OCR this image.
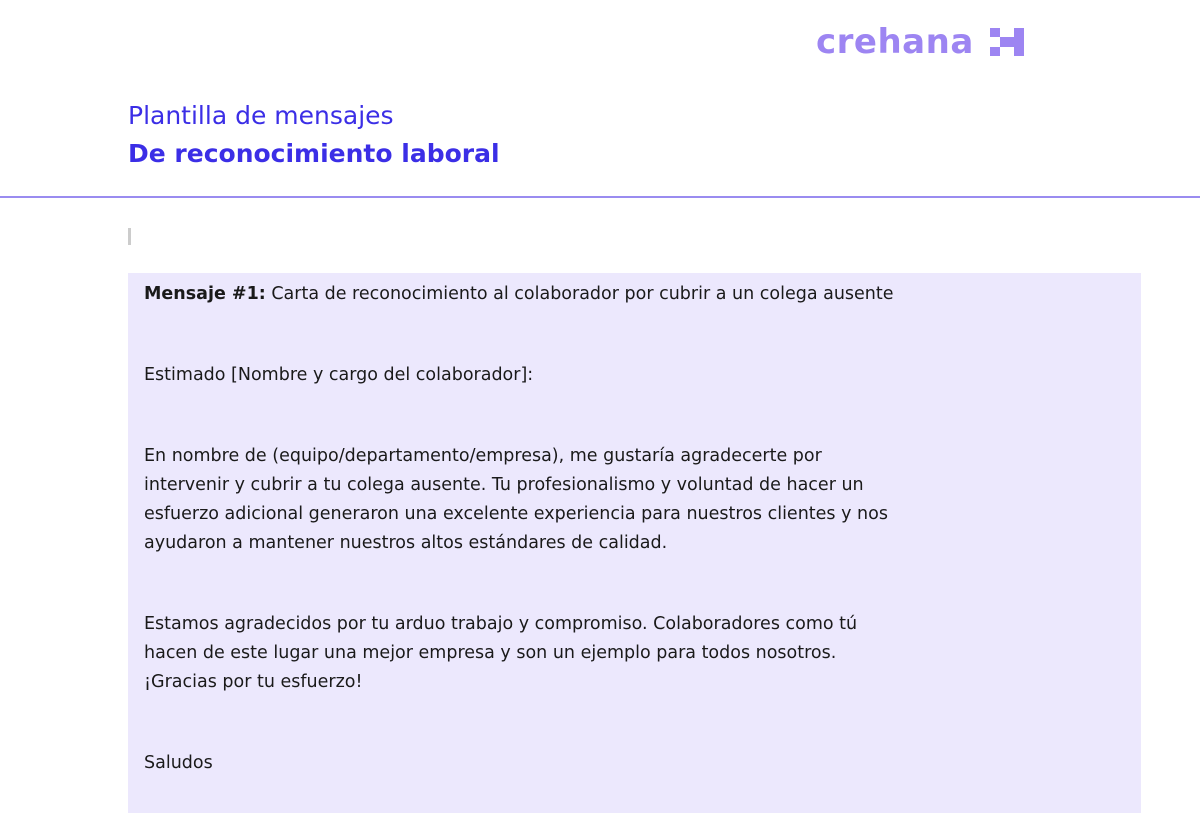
crehana
Plantilla de mensajes
De reconocimiento laboral

Mensaje #1: Carta de reconocimiento al colaborador por cubrir a un colega ausente

Estimado [Nombre y cargo del colaborador]:

En nombre de (equipo/departamento/empresa), me gustaría agradecerte por

intervenir y cubrir a tu colega ausente. Tu profesionalismo y voluntad de hacer un

esfuerzo adicional generaron una excelente experiencia para nuestros clientes y nos

ayudaron a mantener nuestros altos estándares de calidad.

Estamos agradecidos por tu arduo trabajo y compromiso. Colaboradores como tú

hacen de este lugar una mejor empresa y son un ejemplo para todos nosotros.

¡Gracias por tu esfuerzo!

Saludos
